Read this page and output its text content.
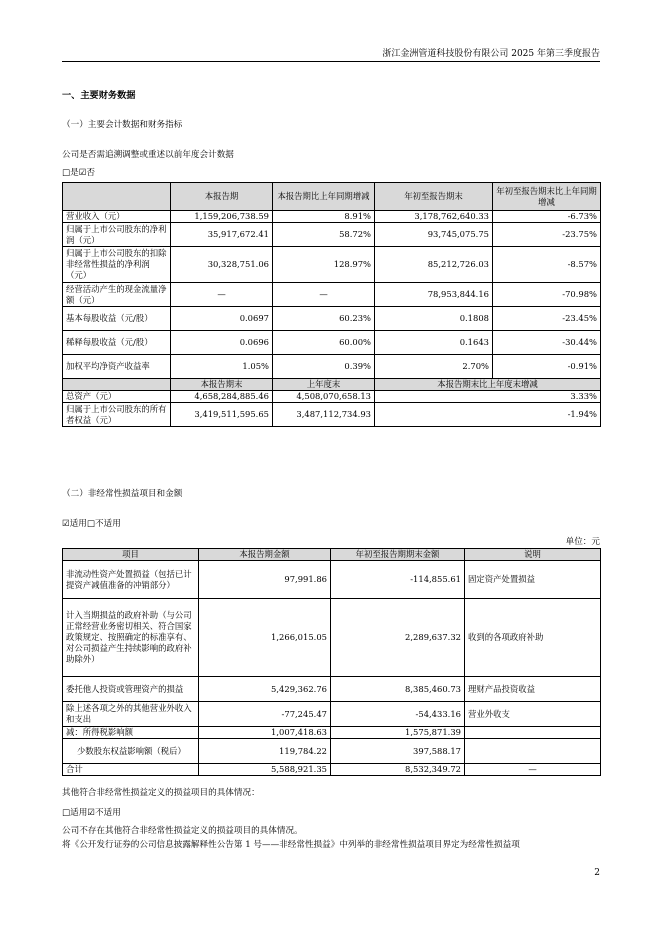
浙江金洲管道科技股份有限公司 2025 年第三季度报告
一、主要财务数据
（一）主要会计数据和财务指标
公司是否需追溯调整或重述以前年度会计数据
□是☑否
	本报告期	本报告期比上年同期增减	年初至报告期末	年初至报告期末比上年同期增减
营业收入（元）	1,159,206,738.59	8.91%	3,178,762,640.33	-6.73%
归属于上市公司股东的净利润（元）	35,917,672.41	58.72%	93,745,075.75	-23.75%
归属于上市公司股东的扣除非经常性损益的净利润（元）	30,328,751.06	128.97%	85,212,726.03	-8.57%
经营活动产生的现金流量净额（元）	—	—	78,953,844.16	-70.98%
基本每股收益（元/股）	0.0697	60.23%	0.1808	-23.45%
稀释每股收益（元/股）	0.0696	60.00%	0.1643	-30.44%
加权平均净资产收益率	1.05%	0.39%	2.70%	-0.91%
	本报告期末	上年度末	本报告期末比上年度末增减	
总资产（元）	4,658,284,885.46	4,508,070,658.13	3.33%	
归属于上市公司股东的所有者权益（元）	3,419,511,595.65	3,487,112,734.93	-1.94%	
（二）非经常性损益项目和金额
☑适用□不适用
单位：元
项目	本报告期金额	年初至报告期期末金额	说明
非流动性资产处置损益（包括已计提资产减值准备的冲销部分）	97,991.86	-114,855.61	固定资产处置损益
计入当期损益的政府补助（与公司正常经营业务密切相关、符合国家政策规定、按照确定的标准享有、对公司损益产生持续影响的政府补助除外）	1,266,015.05	2,289,637.32	收到的各项政府补助
委托他人投资或管理资产的损益	5,429,362.76	8,385,460.73	理财产品投资收益
除上述各项之外的其他营业外收入和支出	-77,245.47	-54,433.16	营业外收支
减：所得税影响额	1,007,418.63	1,575,871.39	
少数股东权益影响额（税后）	119,784.22	397,588.17	
合计	5,588,921.35	8,532,349.72	—
其他符合非经常性损益定义的损益项目的具体情况：
□适用☑不适用
公司不存在其他符合非经常性损益定义的损益项目的具体情况。
将《公开发行证券的公司信息披露解释性公告第 1 号——非经常性损益》中列举的非经常性损益项目界定为经常性损益项
2
